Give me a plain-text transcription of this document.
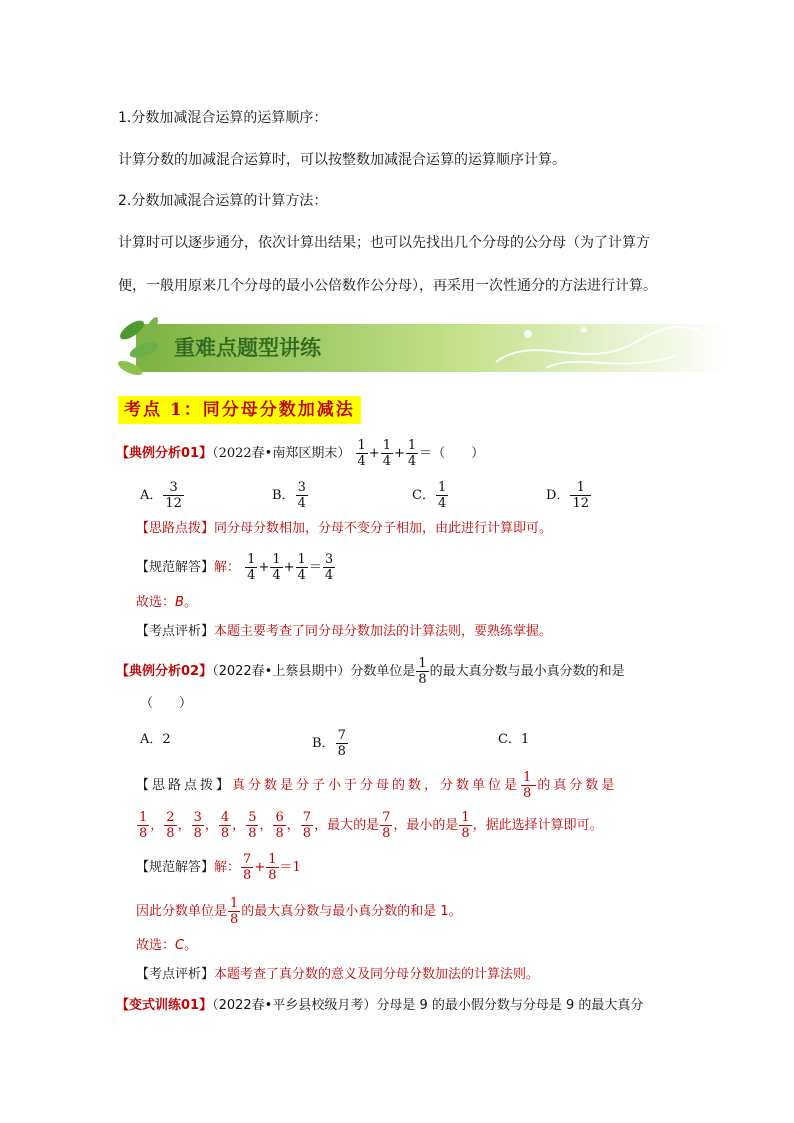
1.分数加减混合运算的运算顺序：
计算分数的加减混合运算时，可以按整数加减混合运算的运算顺序计算。
2.分数加减混合运算的计算方法：
计算时可以逐步通分，依次计算出结果；也可以先找出几个分母的公分母（为了计算方
便，一般用原来几个分母的最小公倍数作公分母），再采用一次性通分的方法进行计算。
重难点题型讲练
考点 1：同分母分数加减法
【典例分析01】（2022春•南郑区期末） $\frac{1}{4} + \frac{1}{4} + \frac{1}{4}$ ＝（　　）
A． $\frac{3}{12}$	B． $\frac{3}{4}$	C． $\frac{1}{4}$	D． $\frac{1}{12}$
【思路点拨】同分母分数相加，分母不变分子相加，由此进行计算即可。
【规范解答】解： $\frac{1}{4} + \frac{1}{4} + \frac{1}{4} = \frac{3}{4}$
故选：B。
【考点评析】本题主要考查了同分母分数加法的计算法则，要熟练掌握。
【典例分析02】（2022春•上蔡县期中）分数单位是 $\frac{1}{8}$ 的最大真分数与最小真分数的和是
（　　）
A．2	B． $\frac{7}{8}$	C．1
【思路点拨】真分数是分子小于分母的数，分数单位是 $\frac{1}{8}$ 的真分数是
$\frac{1}{8}$ ， $\frac{2}{8}$ ， $\frac{3}{8}$ ， $\frac{4}{8}$ ， $\frac{5}{8}$ ， $\frac{6}{8}$ ， $\frac{7}{8}$ ，最大的是 $\frac{7}{8}$ ，最小的是 $\frac{1}{8}$ ，据此选择计算即可。
【规范解答】解： $\frac{7}{8} + \frac{1}{8} =1$
因此分数单位是 $\frac{1}{8}$ 的最大真分数与最小真分数的和是 1。
故选：C。
【考点评析】本题考查了真分数的意义及同分母分数加法的计算法则。
【变式训练01】（2022春•平乡县校级月考）分母是 9 的最小假分数与分母是 9 的最大真分
